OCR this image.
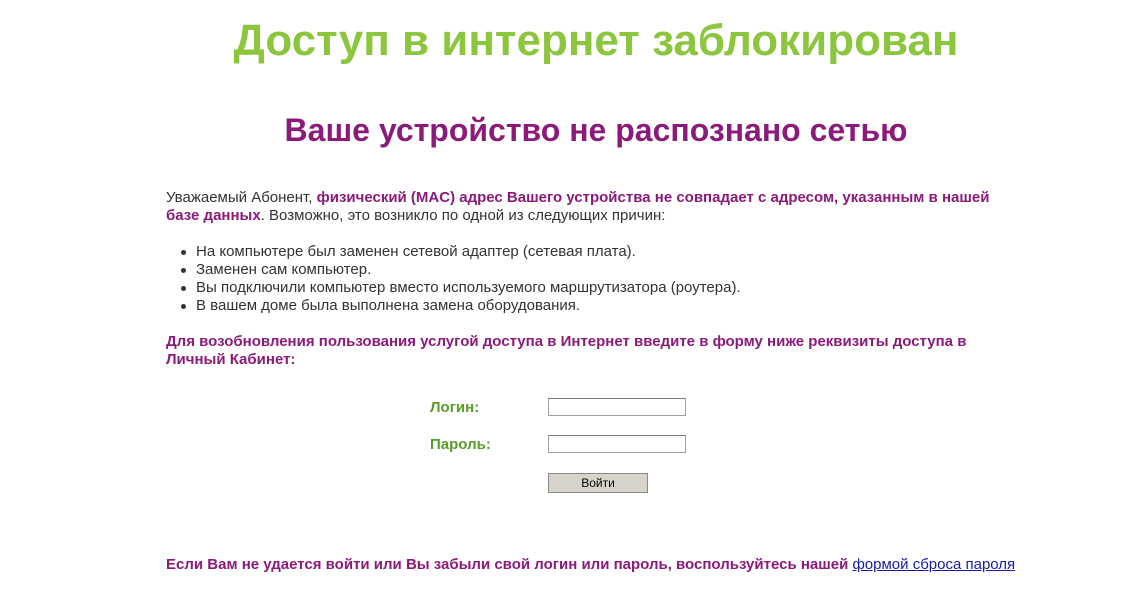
Доступ в интернет заблокирован
Ваше устройство не распознано сетью

Уважаемый Абонент, физический (MAC) адрес Вашего устройства не совпадает с адресом, указанным в нашей базе данных. Возможно, это возникло по одной из следующих причин:

На компьютере был заменен сетевой адаптер (сетевая плата).
Заменен сам компьютер.
Вы подключили компьютер вместо используемого маршрутизатора (роутера).
В вашем доме была выполнена замена оборудования.

Для возобновления пользования услугой доступа в Интернет введите в форму ниже реквизиты доступа в Личный Кабинет:

Логин:
Пароль:
Войти

Если Вам не удается войти или Вы забыли свой логин или пароль, воспользуйтесь нашей формой сброса пароля
